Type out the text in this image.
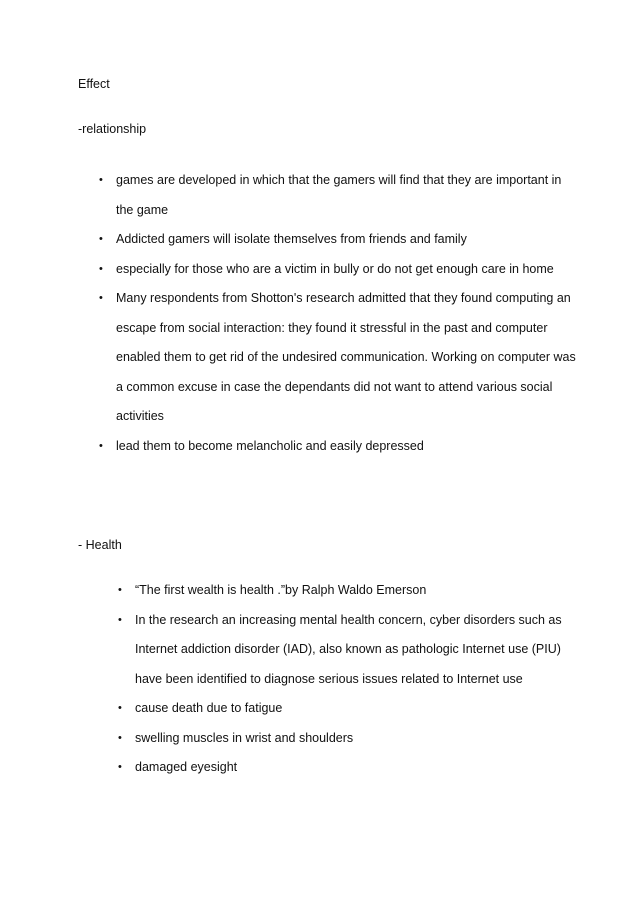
Effect
-relationship
• games are developed in which that the gamers will find that they are important in the game
• Addicted gamers will isolate themselves from friends and family
• especially for those who are a victim in bully or do not get enough care in home
• Many respondents from Shotton's research admitted that they found computing an escape from social interaction: they found it stressful in the past and computer enabled them to get rid of the undesired communication. Working on computer was a common excuse in case the dependants did not want to attend various social activities
• lead them to become melancholic and easily depressed
- Health
• “The first wealth is health .”by Ralph Waldo Emerson
• In the research an increasing mental health concern, cyber disorders such as Internet addiction disorder (IAD), also known as pathologic Internet use (PIU) have been identified to diagnose serious issues related to Internet use
• cause death due to fatigue
• swelling muscles in wrist and shoulders
• damaged eyesight
